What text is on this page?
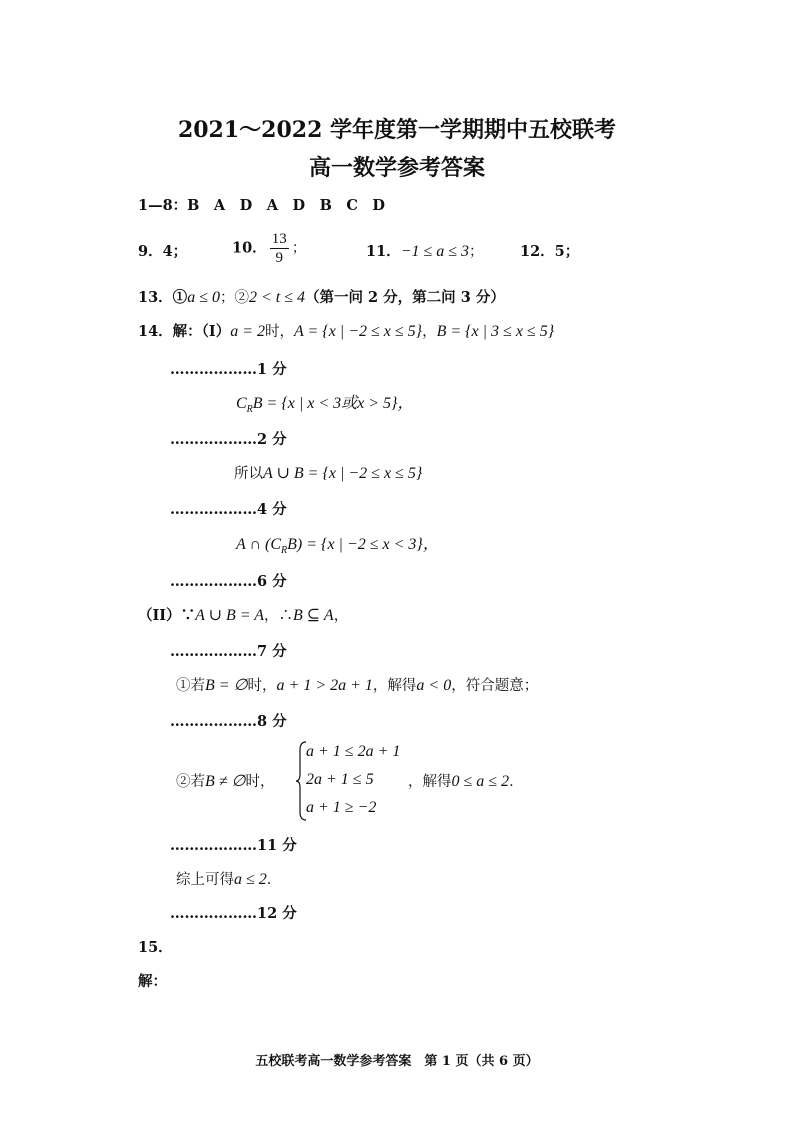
2021～2022 学年度第一学期期中五校联考
高一数学参考答案
1—8：B　A　D　A　D　B　C　D
9．4；	10． $\frac{13}{9}$ ；	11．−1 ≤ a ≤ 3；	12．5；
13．①a ≤ 0；②2 < t ≤ 4（第一问 2 分，第二问 3 分）
14．解：（I）a = 2时，A = {x | −2 ≤ x ≤ 5}，B = {x | 3 ≤ x ≤ 5}
………………1 分
$C_RB = \{x$ | x < 3或x > 5}，
………………2 分
所以A ∪ B = {x | −2 ≤ x ≤ 5}
………………4 分
A ∩ $(C_RB) = \{x$ | −2 ≤ x < 3}，
………………6 分
（II）∵A ∪ B = A，∴B ⊆ A，
………………7 分
①若B = ∅时，a + 1 > 2a + 1，解得a < 0，符合题意；
………………8 分
②若B ≠ ∅时，
a + 1 ≤ 2a + 1
2a + 1 ≤ 5
a + 1 ≥ −2
，解得0 ≤ a ≤ 2．
………………11 分
综上可得a ≤ 2．
………………12 分
15．
解：
五校联考高一数学参考答案　第 1 页（共 6 页）
